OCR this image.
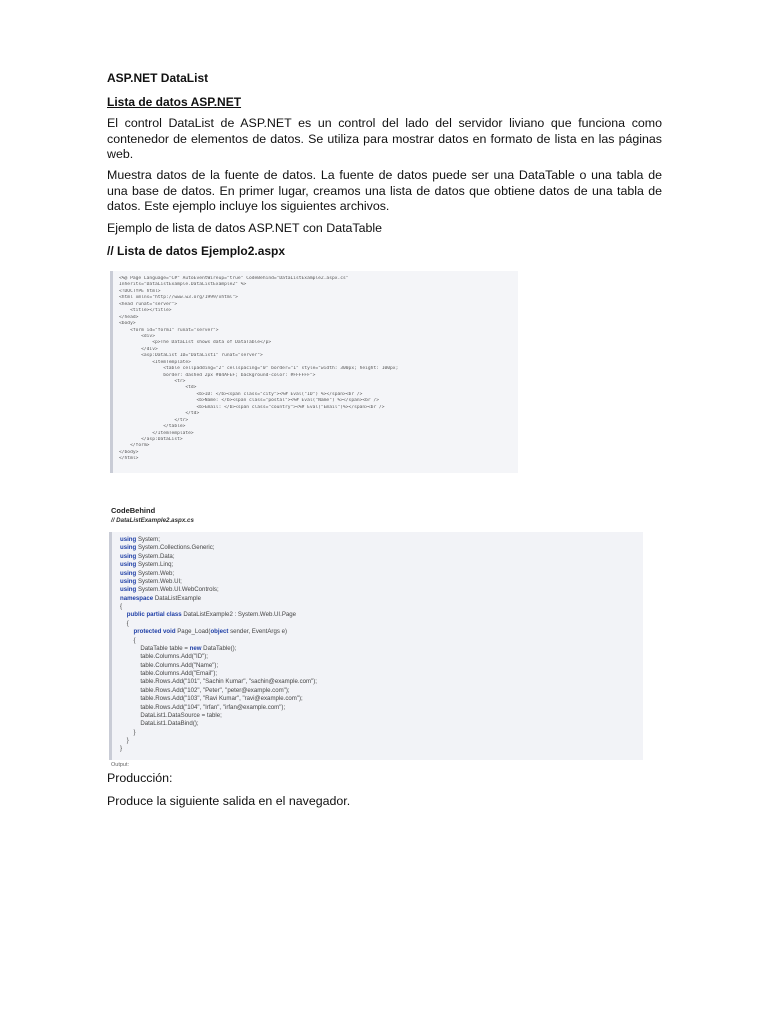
ASP.NET DataList
Lista de datos ASP.NET
El control DataList de ASP.NET es un control del lado del servidor liviano que funciona como contenedor de elementos de datos. Se utiliza para mostrar datos en formato de lista en las páginas web.
Muestra datos de la fuente de datos. La fuente de datos puede ser una DataTable o una tabla de una base de datos. En primer lugar, creamos una lista de datos que obtiene datos de una tabla de datos. Este ejemplo incluye los siguientes archivos.
Ejemplo de lista de datos ASP.NET con DataTable
// Lista de datos Ejemplo2.aspx
<%@ Page Language="C#" AutoEventWireup="true" CodeBehind="DataListExample2.aspx.cs"
Inherits="DataListExample.DataListExample2" %>
<!DOCTYPE html>
<html xmlns="http://www.w3.org/1999/xhtml">
<head runat="server">
<title></title>
</head>
<body>
<form id="form1" runat="server">
<div>
<p>The DataList shows data of DataTable</p>
</div>
<asp:DataList ID="DataList1" runat="server">
<ItemTemplate>
<table cellpadding="2" cellspacing="0" border="1" style="width: 300px; height: 100px;
border: dashed 2px #04AFEF; background-color: #FFFFFF">
<tr>
<td>
<b>ID: </b><span class="city"><%# Eval("ID") %></span><br />
<b>Name: </b><span class="postal"><%# Eval("Name") %></span><br />
<b>Email: </b><span class="country"><%# Eval("Email")%></span><br />
</td>
</tr>
</table>
</ItemTemplate>
</asp:DataList>
</form>
</body>
</html>
CodeBehind
// DataListExample2.aspx.cs
using System;
using System.Collections.Generic;
using System.Data;
using System.Linq;
using System.Web;
using System.Web.UI;
using System.Web.UI.WebControls;
namespace DataListExample
{
public partial class DataListExample2 : System.Web.UI.Page
{
protected void Page_Load(object sender, EventArgs e)
{
DataTable table = new DataTable();
table.Columns.Add("ID");
table.Columns.Add("Name");
table.Columns.Add("Email");
table.Rows.Add("101", "Sachin Kumar", "sachin@example.com");
table.Rows.Add("102", "Peter", "peter@example.com");
table.Rows.Add("103", "Ravi Kumar", "ravi@example.com");
table.Rows.Add("104", "Irfan", "irfan@example.com");
DataList1.DataSource = table;
DataList1.DataBind();
}
}
}
Output:
Producción:
Produce la siguiente salida en el navegador.
